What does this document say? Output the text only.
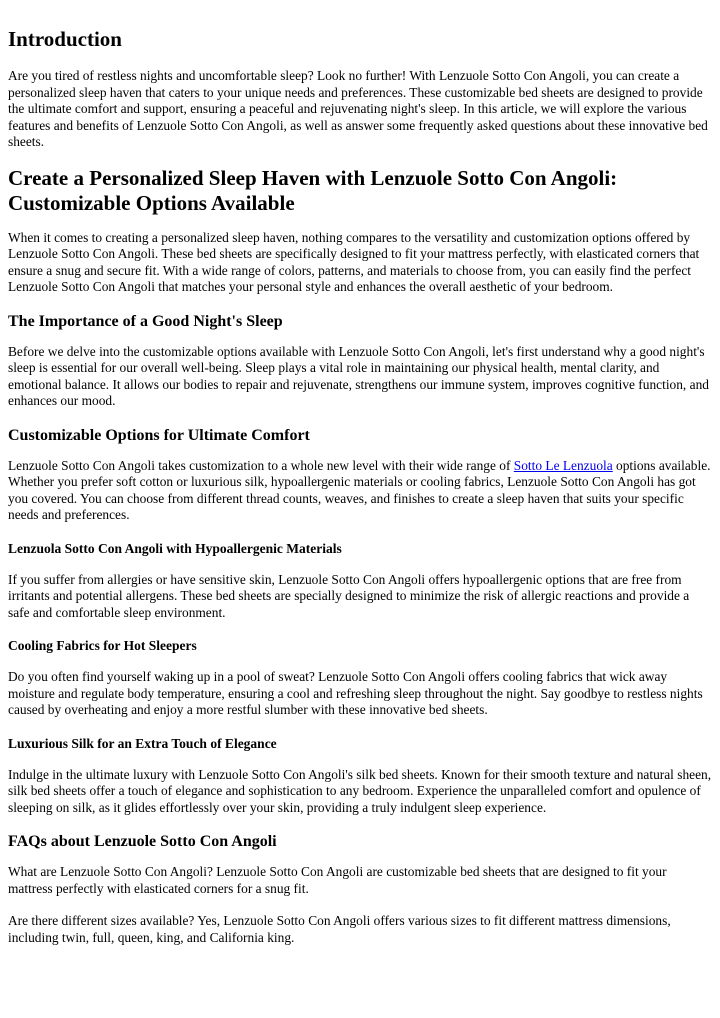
Introduction

Are you tired of restless nights and uncomfortable sleep? Look no further! With Lenzuole Sotto Con Angoli, you can create a personalized sleep haven that caters to your unique needs and preferences. These customizable bed sheets are designed to provide the ultimate comfort and support, ensuring a peaceful and rejuvenating night's sleep. In this article, we will explore the various features and benefits of Lenzuole Sotto Con Angoli, as well as answer some frequently asked questions about these innovative bed sheets.

Create a Personalized Sleep Haven with Lenzuole Sotto Con Angoli: Customizable Options Available

When it comes to creating a personalized sleep haven, nothing compares to the versatility and customization options offered by Lenzuole Sotto Con Angoli. These bed sheets are specifically designed to fit your mattress perfectly, with elasticated corners that ensure a snug and secure fit. With a wide range of colors, patterns, and materials to choose from, you can easily find the perfect Lenzuole Sotto Con Angoli that matches your personal style and enhances the overall aesthetic of your bedroom.

The Importance of a Good Night's Sleep

Before we delve into the customizable options available with Lenzuole Sotto Con Angoli, let's first understand why a good night's sleep is essential for our overall well-being. Sleep plays a vital role in maintaining our physical health, mental clarity, and emotional balance. It allows our bodies to repair and rejuvenate, strengthens our immune system, improves cognitive function, and enhances our mood.

Customizable Options for Ultimate Comfort

Lenzuole Sotto Con Angoli takes customization to a whole new level with their wide range of Sotto Le Lenzuola options available. Whether you prefer soft cotton or luxurious silk, hypoallergenic materials or cooling fabrics, Lenzuole Sotto Con Angoli has got you covered. You can choose from different thread counts, weaves, and finishes to create a sleep haven that suits your specific needs and preferences.

Lenzuola Sotto Con Angoli with Hypoallergenic Materials

If you suffer from allergies or have sensitive skin, Lenzuole Sotto Con Angoli offers hypoallergenic options that are free from irritants and potential allergens. These bed sheets are specially designed to minimize the risk of allergic reactions and provide a safe and comfortable sleep environment.

Cooling Fabrics for Hot Sleepers

Do you often find yourself waking up in a pool of sweat? Lenzuole Sotto Con Angoli offers cooling fabrics that wick away moisture and regulate body temperature, ensuring a cool and refreshing sleep throughout the night. Say goodbye to restless nights caused by overheating and enjoy a more restful slumber with these innovative bed sheets.

Luxurious Silk for an Extra Touch of Elegance

Indulge in the ultimate luxury with Lenzuole Sotto Con Angoli's silk bed sheets. Known for their smooth texture and natural sheen, silk bed sheets offer a touch of elegance and sophistication to any bedroom. Experience the unparalleled comfort and opulence of sleeping on silk, as it glides effortlessly over your skin, providing a truly indulgent sleep experience.

FAQs about Lenzuole Sotto Con Angoli

What are Lenzuole Sotto Con Angoli? Lenzuole Sotto Con Angoli are customizable bed sheets that are designed to fit your mattress perfectly with elasticated corners for a snug fit.

Are there different sizes available? Yes, Lenzuole Sotto Con Angoli offers various sizes to fit different mattress dimensions, including twin, full, queen, king, and California king.
